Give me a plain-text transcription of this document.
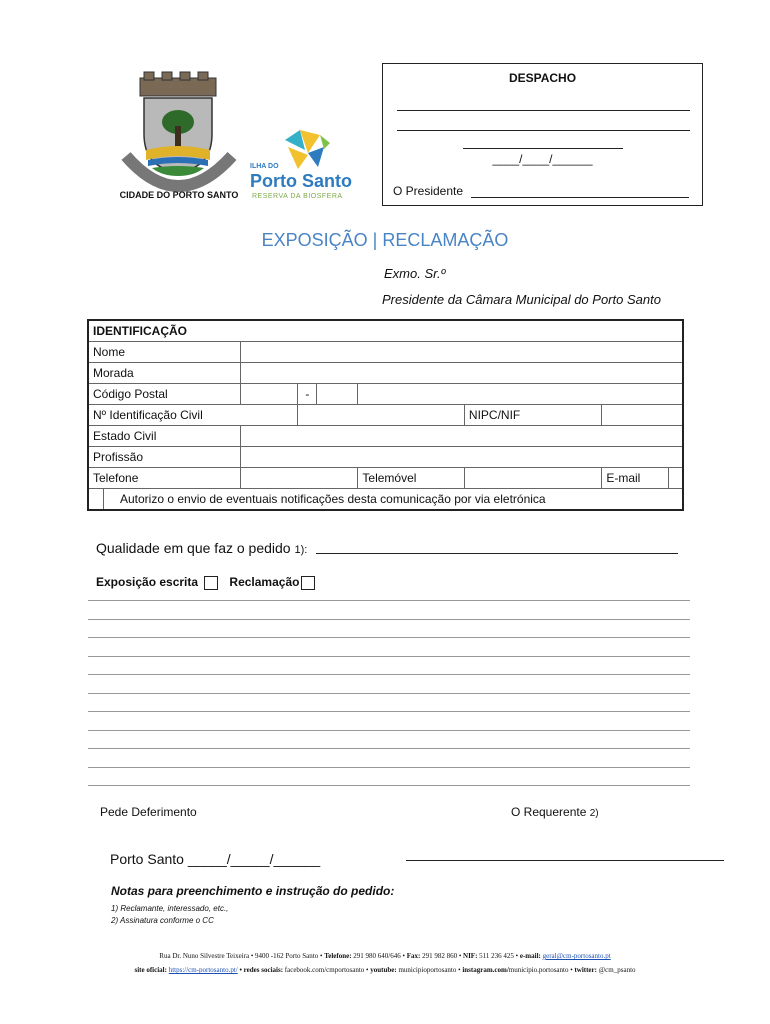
CIDADE DO PORTO SANTO
ILHA DO
Porto Santo
RESERVA DA BIOSFERA
DESPACHO
____/____/______
O Presidente
EXPOSIÇÃO | RECLAMAÇÃO
Exmo. Sr.º
Presidente da Câmara Municipal do Porto Santo
IDENTIFICAÇÃO								
Nome								
Morada								
Código Postal			-					
Nº Identificação Civil						NIPC/NIF		
Estado Civil								
Profissão								
Telefone					Telemóvel		E-mail	
	Autorizo o envio de eventuais notificações desta comunicação por via eletrónica							
Qualidade em que faz o pedido 1):
Exposição escrita	Reclamação
Pede Deferimento	O Requerente 2)
Porto Santo _____/_____/______
Notas para preenchimento e instrução do pedido:
1) Reclamante, interessado, etc.,
2) Assinatura conforme o CC
Rua Dr. Nuno Silvestre Teixeira • 9400 -162 Porto Santo • Telefone: 291 980 640/646 • Fax: 291 982 860 • NIF: 511 236 425 • e-mail: geral@cm-portosanto.pt
site oficial: https://cm-portosanto.pt/ • redes sociais: facebook.com/cmportosanto • youtube: municipioportosanto • instagram.com/municipio.portosanto • twitter: @cm_psanto
